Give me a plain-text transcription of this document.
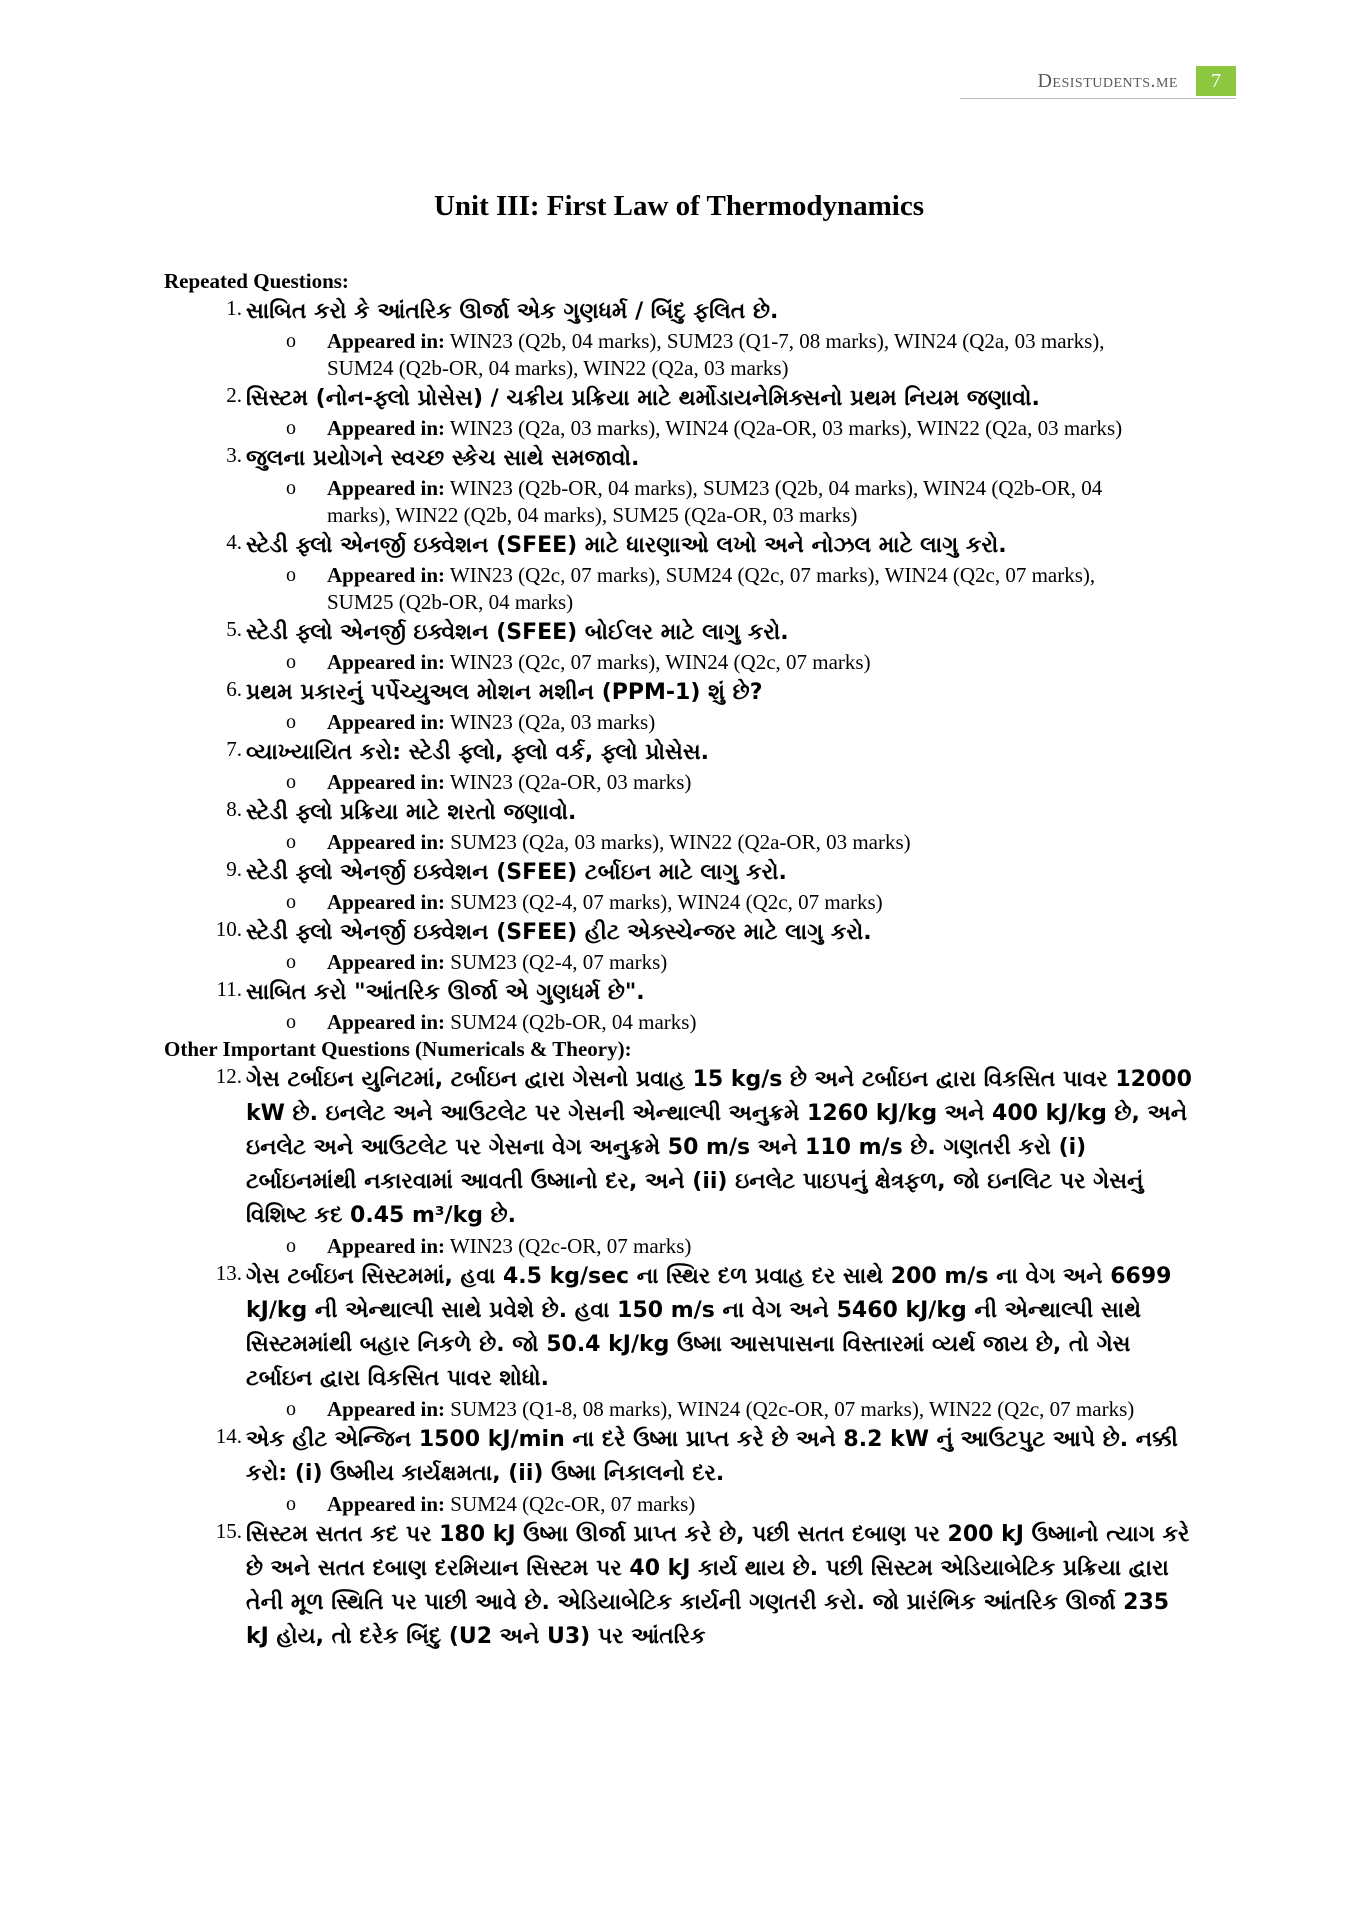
Desistudents.me	7
Unit III: First Law of Thermodynamics
Repeated Questions:
1. સાબિત કરો કે આંતરિક ઊર્જા એક ગુણધર્મ / બિંદુ ફલિત છે.
o Appeared in: WIN23 (Q2b, 04 marks), SUM23 (Q1-7, 08 marks), WIN24 (Q2a, 03 marks), SUM24 (Q2b-OR, 04 marks), WIN22 (Q2a, 03 marks)
2. સિસ્ટમ (નોન-ફ્લો પ્રોસેસ) / ચક્રીય પ્રક્રિયા માટે થર્મોડાયનેમિક્સનો પ્રથમ નિયમ જણાવો.
o Appeared in: WIN23 (Q2a, 03 marks), WIN24 (Q2a-OR, 03 marks), WIN22 (Q2a, 03 marks)
3. જુલના પ્રયોગને સ્વચ્છ સ્કેચ સાથે સમજાવો.
o Appeared in: WIN23 (Q2b-OR, 04 marks), SUM23 (Q2b, 04 marks), WIN24 (Q2b-OR, 04 marks), WIN22 (Q2b, 04 marks), SUM25 (Q2a-OR, 03 marks)
4. સ્ટેડી ફ્લો એનર્જી ઇક્વેશન (SFEE) માટે ધારણાઓ લખો અને નોઝલ માટે લાગુ કરો.
o Appeared in: WIN23 (Q2c, 07 marks), SUM24 (Q2c, 07 marks), WIN24 (Q2c, 07 marks), SUM25 (Q2b-OR, 04 marks)
5. સ્ટેડી ફ્લો એનર્જી ઇક્વેશન (SFEE) બોઈલર માટે લાગુ કરો.
o Appeared in: WIN23 (Q2c, 07 marks), WIN24 (Q2c, 07 marks)
6. પ્રથમ પ્રકારનું પર્પેચ્યુઅલ મોશન મશીન (PPM-1) શું છે?
o Appeared in: WIN23 (Q2a, 03 marks)
7. વ્યાખ્યાયિત કરો: સ્ટેડી ફ્લો, ફ્લો વર્ક, ફ્લો પ્રોસેસ.
o Appeared in: WIN23 (Q2a-OR, 03 marks)
8. સ્ટેડી ફ્લો પ્રક્રિયા માટે શરતો જણાવો.
o Appeared in: SUM23 (Q2a, 03 marks), WIN22 (Q2a-OR, 03 marks)
9. સ્ટેડી ફ્લો એનર્જી ઇક્વેશન (SFEE) ટર્બાઇન માટે લાગુ કરો.
o Appeared in: SUM23 (Q2-4, 07 marks), WIN24 (Q2c, 07 marks)
10. સ્ટેડી ફ્લો એનર્જી ઇક્વેશન (SFEE) હીટ એક્સ્ચેન્જર માટે લાગુ કરો.
o Appeared in: SUM23 (Q2-4, 07 marks)
11. સાબિત કરો "આંતરિક ઊર્જા એ ગુણધર્મ છે".
o Appeared in: SUM24 (Q2b-OR, 04 marks)
Other Important Questions (Numericals & Theory):
12. ગેસ ટર્બાઇન યુનિટમાં, ટર્બાઇન દ્વારા ગેસનો પ્રવાહ 15 kg/s છે અને ટર્બાઇન દ્વારા વિકસિત પાવર 12000 kW છે. ઇનલેટ અને આઉટલેટ પર ગેસની એન્થાલ્પી અનુક્રમે 1260 kJ/kg અને 400 kJ/kg છે, અને ઇનલેટ અને આઉટલેટ પર ગેસના વેગ અનુક્રમે 50 m/s અને 110 m/s છે. ગણતરી કરો (i) ટર્બાઇનમાંથી નકારવામાં આવતી ઉષ્માનો દર, અને (ii) ઇનલેટ પાઇપનું ક્ષેત્રફળ, જો ઇનલિટ પર ગેસનું વિશિષ્ટ કદ 0.45 m³/kg છે.
o Appeared in: WIN23 (Q2c-OR, 07 marks)
13. ગેસ ટર્બાઇન સિસ્ટમમાં, હવા 4.5 kg/sec ના સ્થિર દળ પ્રવાહ દર સાથે 200 m/s ના વેગ અને 6699 kJ/kg ની એન્થાલ્પી સાથે પ્રવેશે છે. હવા 150 m/s ના વેગ અને 5460 kJ/kg ની એન્થાલ્પી સાથે સિસ્ટમમાંથી બહાર નિકળે છે. જો 50.4 kJ/kg ઉષ્મા આસપાસના વિસ્તારમાં વ્યર્થ જાય છે, તો ગેસ ટર્બાઇન દ્વારા વિકસિત પાવર શોધો.
o Appeared in: SUM23 (Q1-8, 08 marks), WIN24 (Q2c-OR, 07 marks), WIN22 (Q2c, 07 marks)
14. એક હીટ એન્જિન 1500 kJ/min ના દરે ઉષ્મા પ્રાપ્ત કરે છે અને 8.2 kW નું આઉટપુટ આપે છે. નક્કી કરો: (i) ઉષ્મીય કાર્યક્ષમતા, (ii) ઉષ્મા નિકાલનો દર.
o Appeared in: SUM24 (Q2c-OR, 07 marks)
15. સિસ્ટમ સતત કદ પર 180 kJ ઉષ્મા ઊર્જા પ્રાપ્ત કરે છે, પછી સતત દબાણ પર 200 kJ ઉષ્માનો ત્યાગ કરે છે અને સતત દબાણ દરમિયાન સિસ્ટમ પર 40 kJ કાર્ય થાય છે. પછી સિસ્ટમ એડિયાબેટિક પ્રક્રિયા દ્વારા તેની મૂળ સ્થિતિ પર પાછી આવે છે. એડિયાબેટિક કાર્યની ગણતરી કરો. જો પ્રારંભિક આંતરિક ઊર્જા 235 kJ હોય, તો દરેક બિંદુ (U2 અને U3) પર આંતરિક
